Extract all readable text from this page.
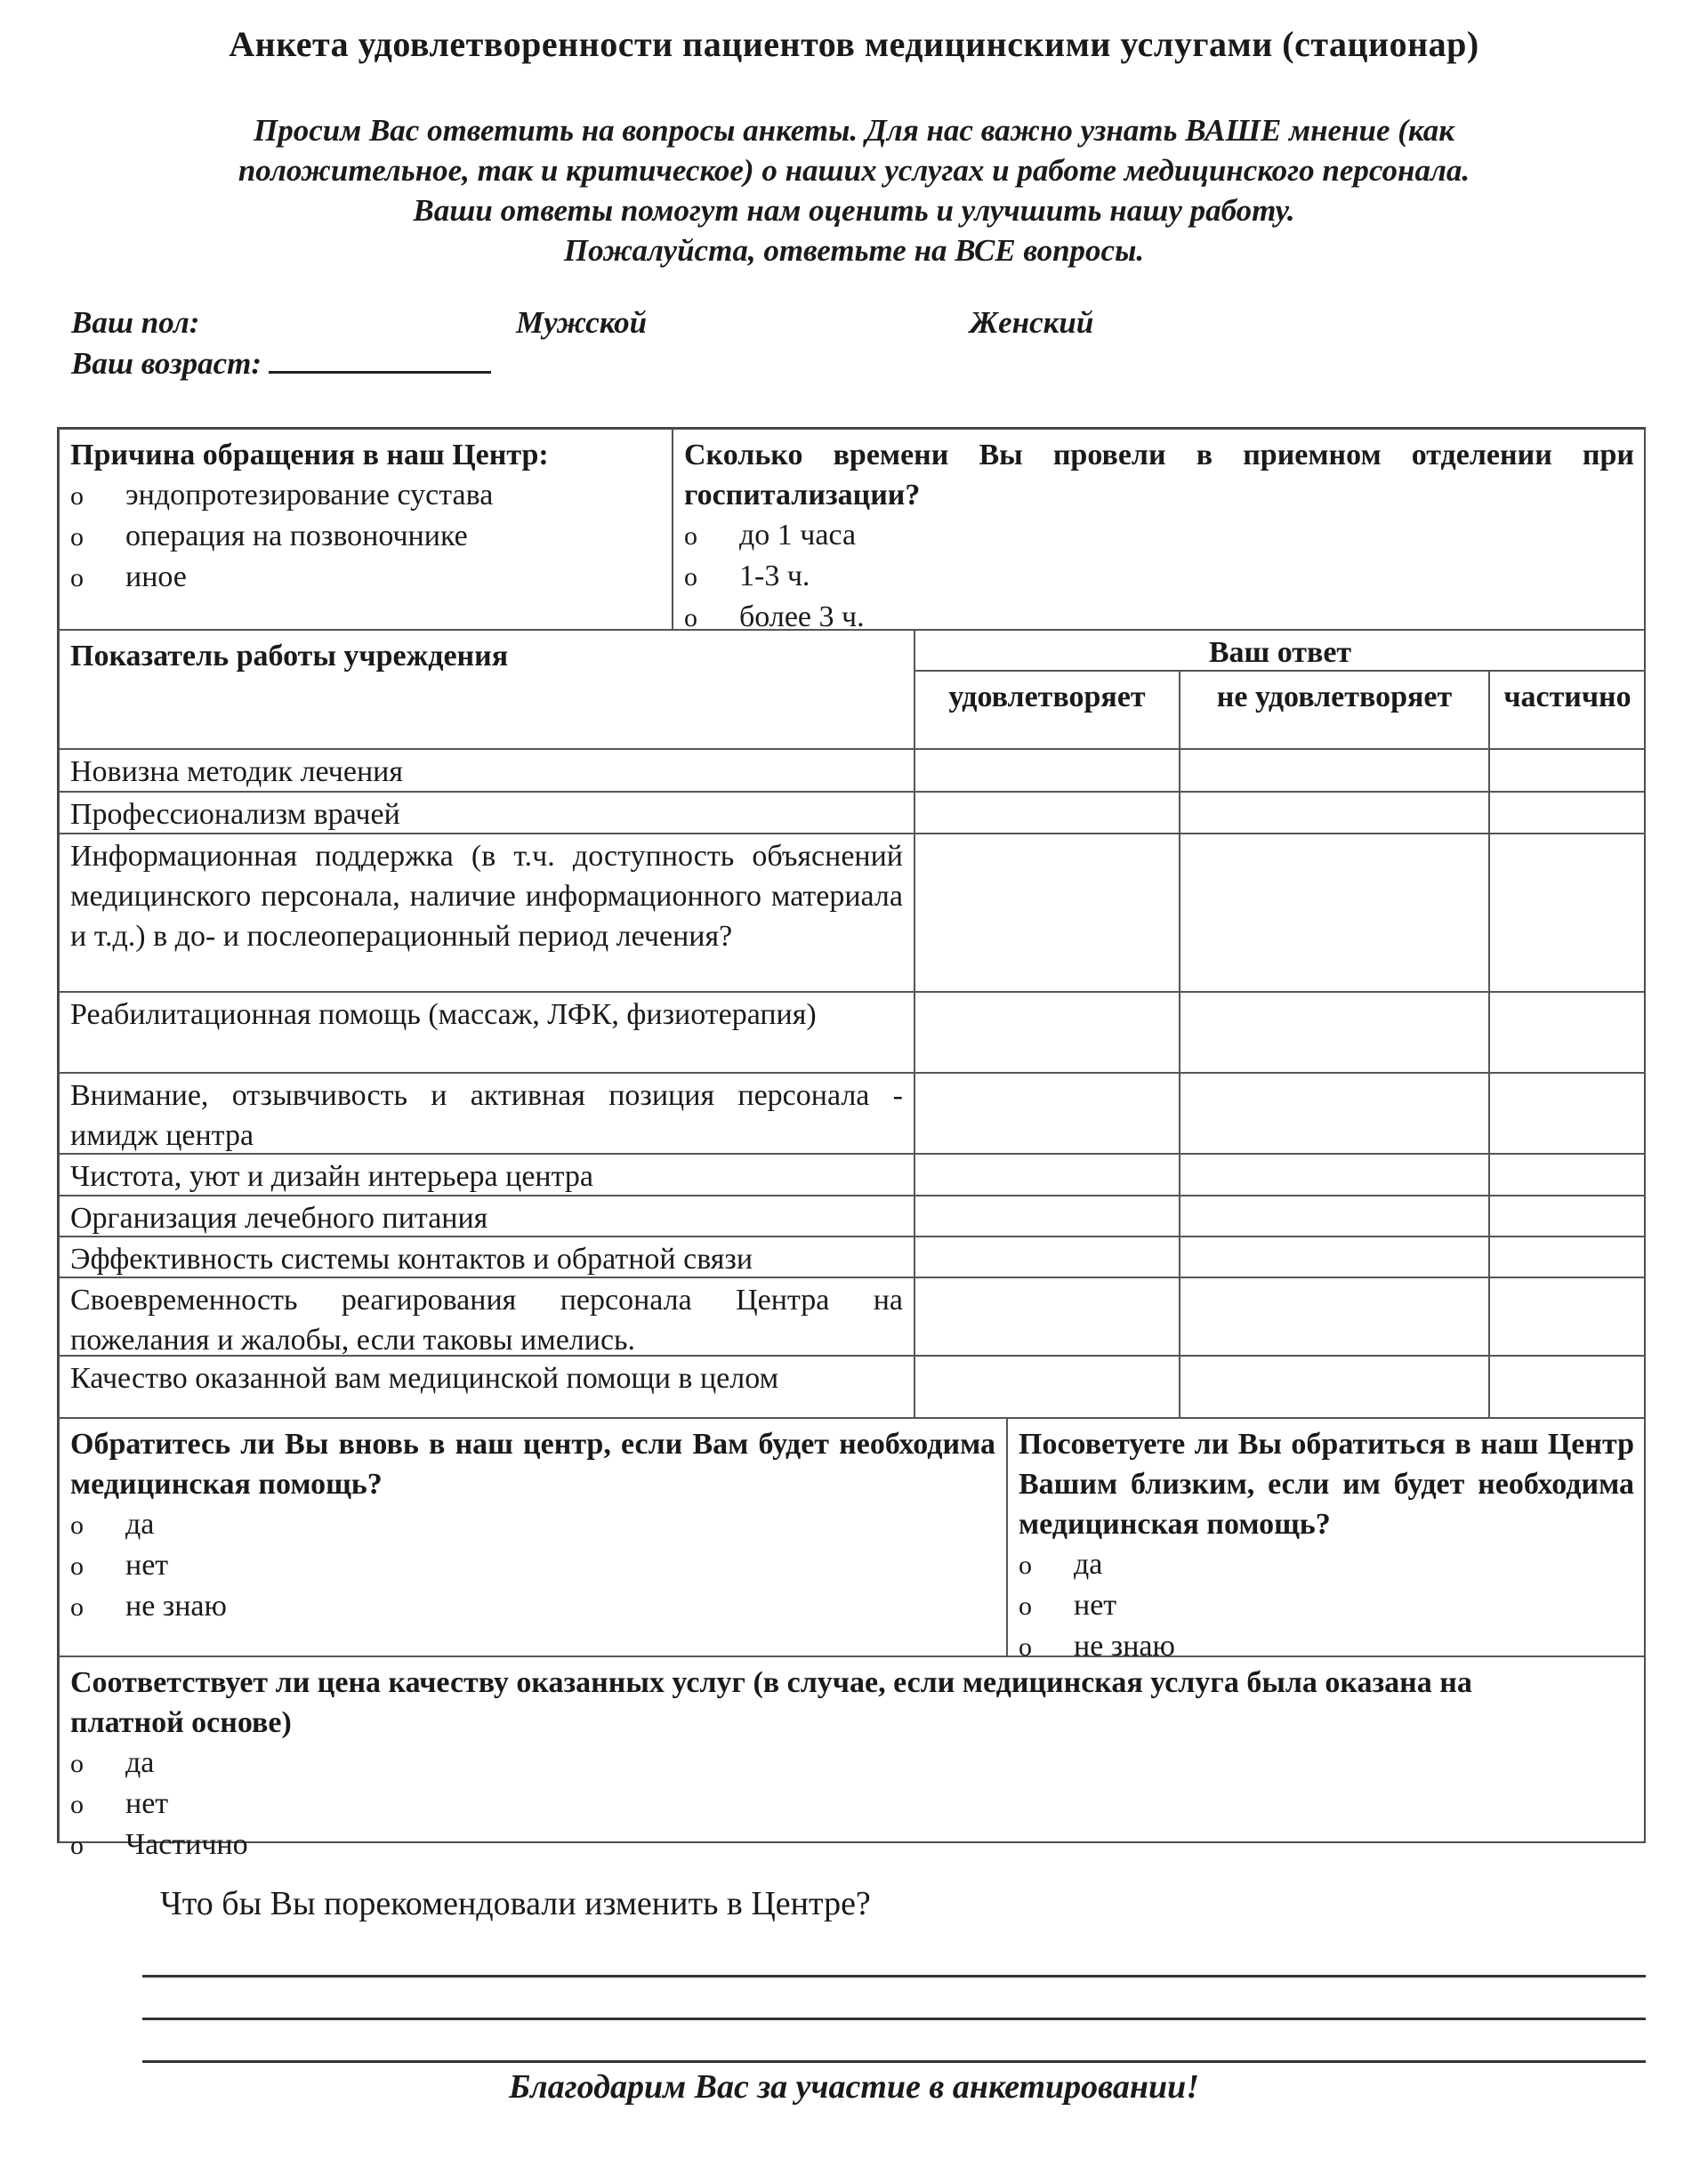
Анкета удовлетворенности пациентов медицинскими услугами (стационар)
Просим Вас ответить на вопросы анкеты. Для нас важно узнать ВАШЕ мнение (как
положительное, так и критическое) о наших услугах и работе медицинского персонала.
Ваши ответы помогут нам оценить и улучшить нашу работу.
Пожалуйста, ответьте на ВСЕ вопросы.
Ваш пол:	Мужской	Женский
Ваш возраст:
Причина обращения в наш Центр:
o	эндопротезирование сустава
o	операция на позвоночнике
o	иное
Сколько времени Вы провели в приемном отделении при госпитализации?
o	до 1 часа
o	1-3 ч.
o	более 3 ч.
Показатель работы учреждения	Ваш ответ
удовлетворяет	не удовлетворяет	частично
Новизна методик лечения
Профессионализм врачей
Информационная поддержка (в т.ч. доступность объяснений медицинского персонала, наличие информационного материала и т.д.) в до- и послеоперационный период лечения?
Реабилитационная помощь (массаж, ЛФК, физиотерапия)
Внимание, отзывчивость и активная позиция персонала - имидж центра
Чистота, уют и дизайн интерьера центра
Организация лечебного питания
Эффективность системы контактов и обратной связи
Своевременность реагирования персонала Центра на пожелания и жалобы, если таковы имелись.
Качество оказанной вам медицинской помощи в целом
Обратитесь ли Вы вновь в наш центр, если Вам будет необходима медицинская помощь?
o	да
o	нет
o	не знаю
Посоветуете ли Вы обратиться в наш Центр Вашим близким, если им будет необходима медицинская помощь?
o	да
o	нет
o	не знаю
Соответствует ли цена качеству оказанных услуг (в случае, если медицинская услуга была оказана на платной основе)
o	да
o	нет
o	Частично
Что бы Вы порекомендовали изменить в Центре?
Благодарим Вас за участие в анкетировании!
